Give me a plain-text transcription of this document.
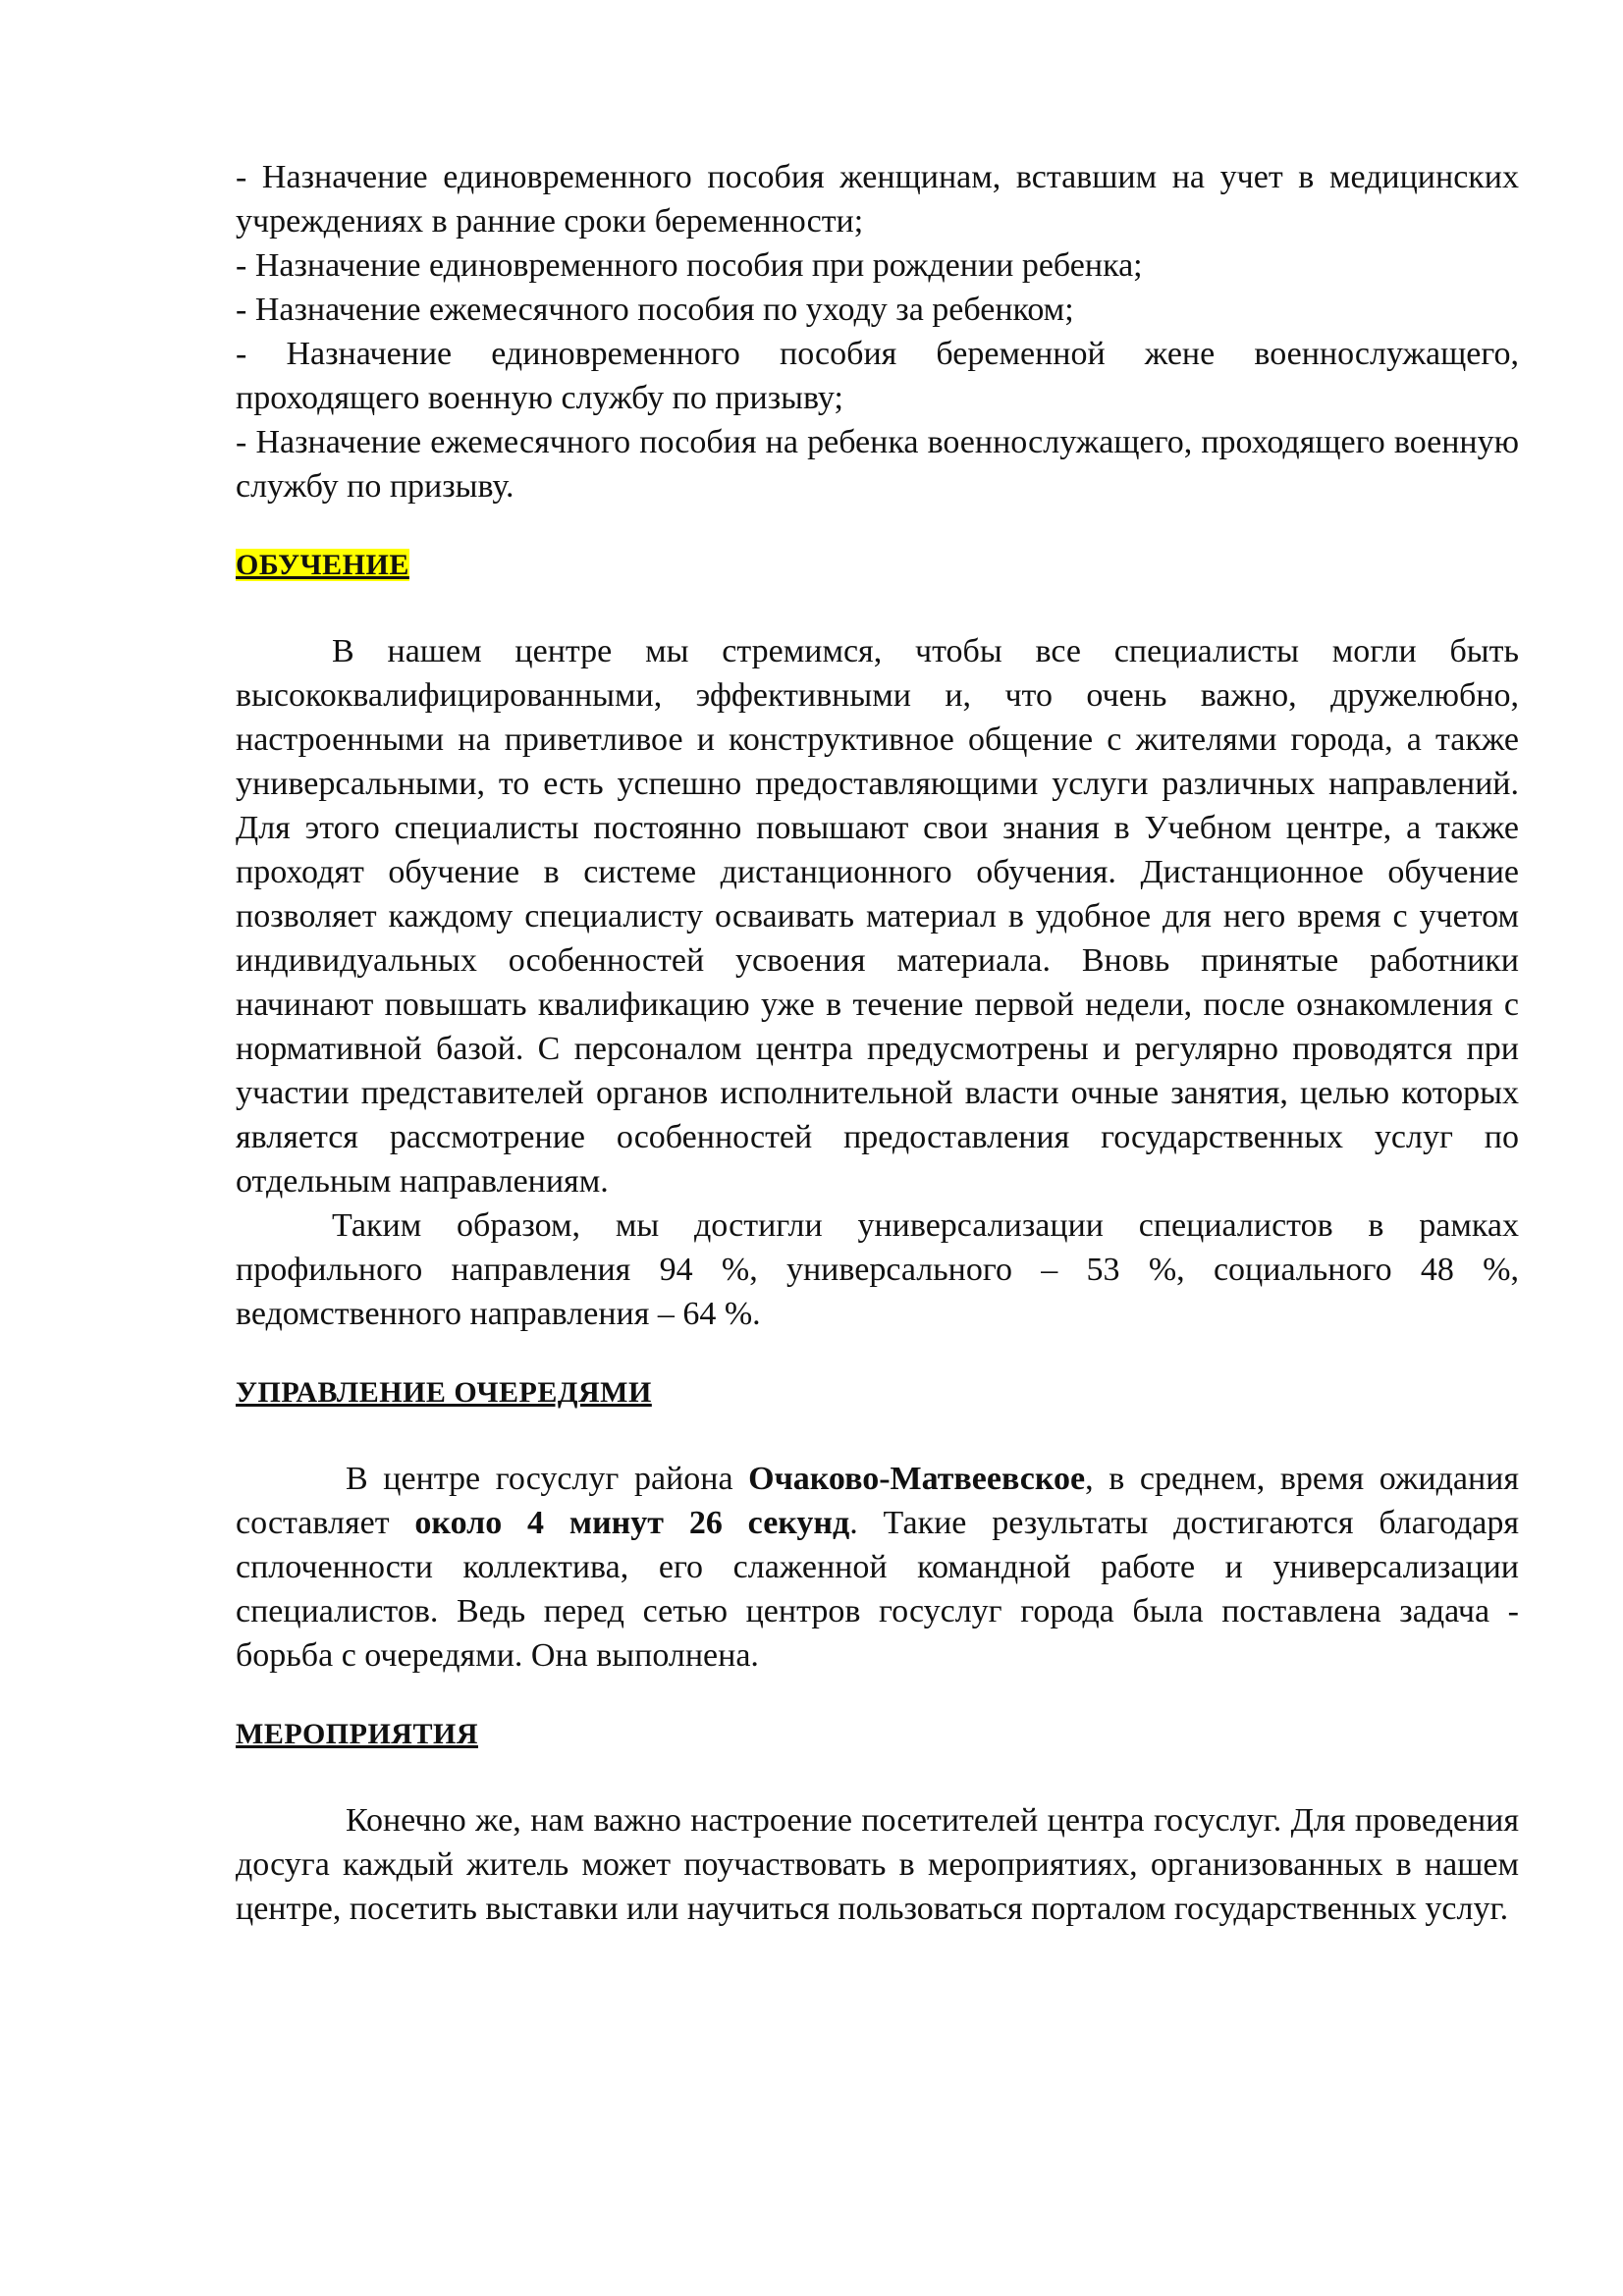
- Назначение единовременного пособия женщинам, вставшим на учет в медицинских учреждениях в ранние сроки беременности;

- Назначение единовременного пособия при рождении ребенка;

- Назначение ежемесячного пособия по уходу за ребенком;

- Назначение единовременного пособия беременной жене военнослужащего, проходящего военную службу по призыву;

- Назначение ежемесячного пособия на ребенка военнослужащего, проходящего военную службу по призыву.

ОБУЧЕНИЕ

В нашем центре мы стремимся, чтобы все специалисты могли быть высококвалифицированными, эффективными и, что очень важно, дружелюбно, настроенными на приветливое и конструктивное общение с жителями города, а также универсальными, то есть успешно предоставляющими услуги различных направлений. Для этого специалисты постоянно повышают свои знания в Учебном центре, а также проходят обучение в системе дистанционного обучения. Дистанционное обучение позволяет каждому специалисту осваивать материал в удобное для него время с учетом индивидуальных особенностей усвоения материала. Вновь принятые работники начинают повышать квалификацию уже в течение первой недели, после ознакомления с нормативной базой. С персоналом центра предусмотрены и регулярно проводятся при участии представителей органов исполнительной власти очные занятия, целью которых является рассмотрение особенностей предоставления государственных услуг по отдельным направлениям.

Таким образом, мы достигли универсализации специалистов в рамках профильного направления 94 %, универсального – 53 %, социального 48 %, ведомственного направления – 64 %.

УПРАВЛЕНИЕ ОЧЕРЕДЯМИ

В центре госуслуг района Очаково-Матвеевское, в среднем, время ожидания составляет около 4 минут 26 секунд. Такие результаты достигаются благодаря сплоченности коллектива, его слаженной командной работе и универсализации специалистов. Ведь перед сетью центров госуслуг города была поставлена задача - борьба с очередями. Она выполнена.

МЕРОПРИЯТИЯ

Конечно же, нам важно настроение посетителей центра госуслуг. Для проведения досуга каждый житель может поучаствовать в мероприятиях, организованных в нашем центре, посетить выставки или научиться пользоваться порталом государственных услуг.
